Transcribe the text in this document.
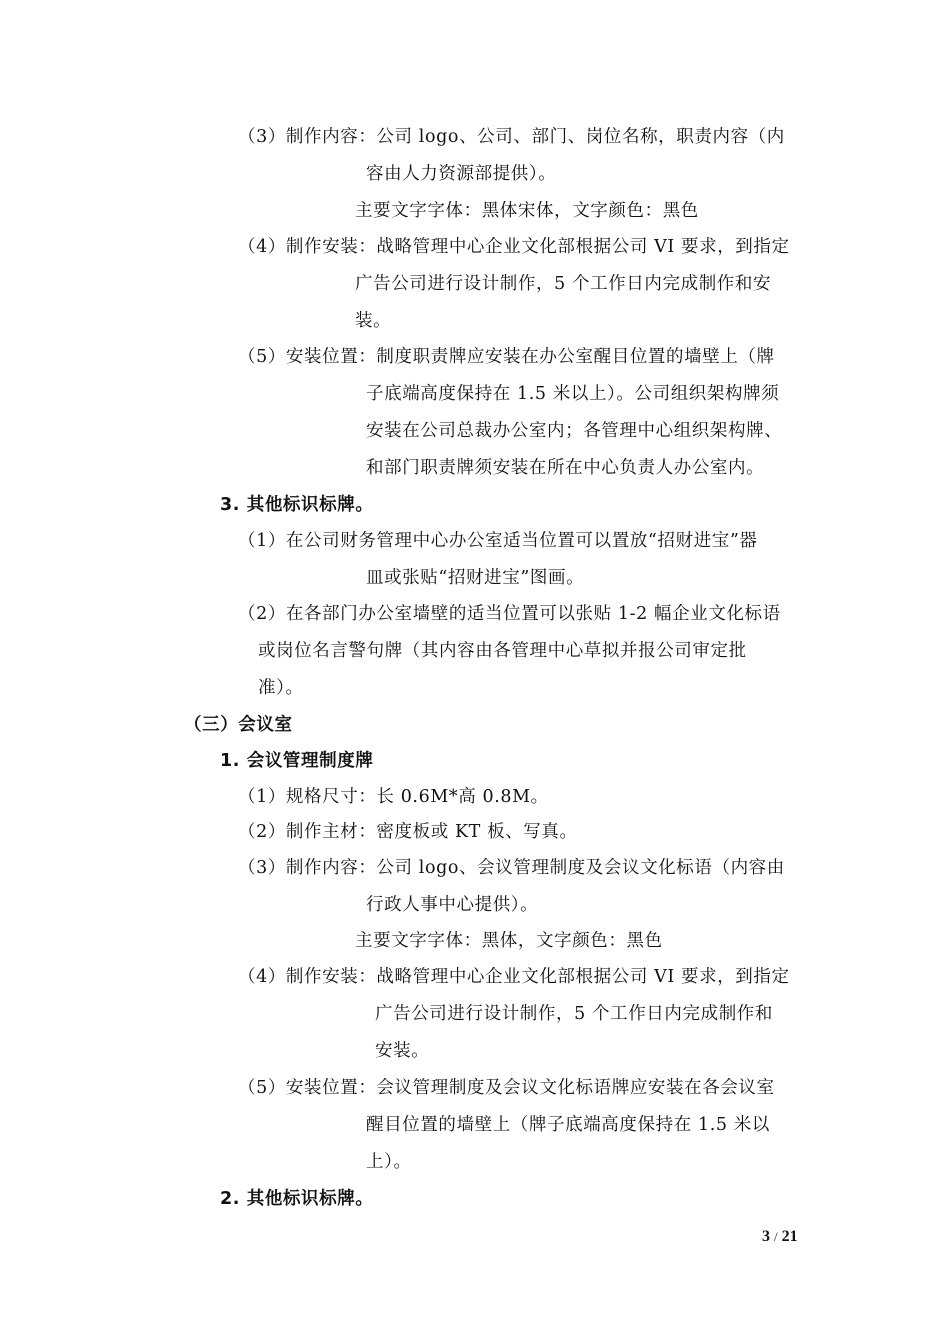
（3）制作内容：公司 logo、公司、部门、岗位名称，职责内容（内
容由人力资源部提供）。
主要文字字体：黑体宋体，文字颜色：黑色
（4）制作安装：战略管理中心企业文化部根据公司 VI 要求，到指定
广告公司进行设计制作，5 个工作日内完成制作和安
装。
（5）安装位置：制度职责牌应安装在办公室醒目位置的墙壁上（牌
子底端高度保持在 1.5 米以上）。公司组织架构牌须
安装在公司总裁办公室内；各管理中心组织架构牌、
和部门职责牌须安装在所在中心负责人办公室内。
3. 其他标识标牌。
（1）在公司财务管理中心办公室适当位置可以置放“招财进宝”器
皿或张贴“招财进宝”图画。
（2）在各部门办公室墙壁的适当位置可以张贴 1-2 幅企业文化标语
或岗位名言警句牌（其内容由各管理中心草拟并报公司审定批
准）。
（三）会议室
1. 会议管理制度牌
（1）规格尺寸：长 0.6M*高 0.8M。
（2）制作主材：密度板或 KT 板、写真。
（3）制作内容：公司 logo、会议管理制度及会议文化标语（内容由
行政人事中心提供）。
主要文字字体：黑体，文字颜色：黑色
（4）制作安装：战略管理中心企业文化部根据公司 VI 要求，到指定
广告公司进行设计制作，5 个工作日内完成制作和
安装。
（5）安装位置：会议管理制度及会议文化标语牌应安装在各会议室
醒目位置的墙壁上（牌子底端高度保持在 1.5 米以
上）。
2. 其他标识标牌。
3 / 21
